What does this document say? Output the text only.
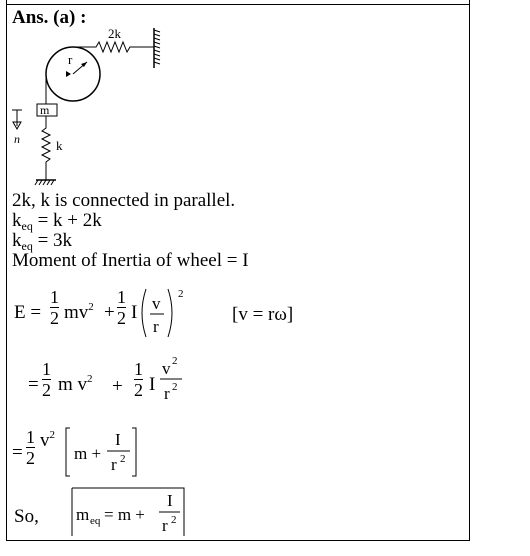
Ans. (a) :
2k
r
m
k
n
2k, k is connected in parallel.
$k_{eq} = k + 2k$
$k_{eq} = 3k$
Moment of Inertia of wheel = I
$E = \frac{1}{2} mv^2 + \frac{1}{2}$ I v
r
2
[v = rω]
= $\frac{1}{2}$ m $v^2 + \frac{1}{2}$ I
v 2
r 2
= $\frac{1}{2} v^2$
m +
I
r 2
So, m eq = m +
I
r 2
